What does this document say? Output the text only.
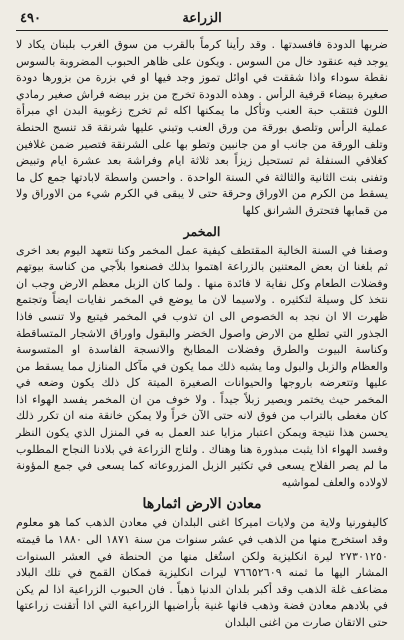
الزراعة
٤٩٠

ضربها الدودة فافسدتها . وقد رأينا كرماً بالقرب من سوق الغرب بلبنان يكاد لا يوجد فيه عنقود خال من السوس . ويكون على ظاهر الحبوب المضروبة بالسوس نقطة سوداء واذا شققت في اوائل تموز وجد فيها او في بزرة من بزورها دودة صغيرة بيضاء قرفية الرأس . وهذه الدودة تخرج من بزر بيضه فراش صغير رمادي اللون فتتقب حبة العنب وتأكل ما يمكنها اكله ثم تخرج زغوبية البدن اي مبرأة عملية الرأس وتلصق بورقة من ورق العنب وتبني عليها شرنقة قد تنسج الحنطة وتلف الورقة من جانب او من جانبين وتطو بها على الشرنقة فتصير ضمن غلافين كغلافي السنفلة ثم تستحيل زيزاً بعد ثلاثة ايام وفراشة بعد عشرة ايام وتبيض وتفنى بنت الثانية والثالثة في السنة الواحدة . واحسن واسطة لابادتها جمع كل ما يسقط من الكرم من الاوراق وحرقة حتى لا يبقى في الكرم شيء من الاوراق ولا من قمابها فتحترق الشرانق كلها

المخمر

وصفنا في السنة الخالية المقتطف كيفية عمل المخمر وكنا نتعهد اليوم بعد اخرى ثم بلغنا ان بعض المعتنين بالزراعة اهتموا بذلك فصنعوا بلاًجي من كناسة بيوتهم وفضلات الطعام وكل نفاية لا فائدة منها . ولما كان الزبل معظم الارض وجب ان نتخذ كل وسيلة لتكثيره . ولاسيما لان ما يوضع في المخمر نفايات ايضاً وتجتمع ظهرت الا ان نجد به الخصوص الى ان تذوب في المخمر فيتبع ولا تنسى فاذا الجذور التي تطلع من الارض واصول الخضر والبقول واوراق الاشجار المتساقطة وكناسة البيوت والطرق وفضلات المطابخ والانسجة الفاسدة او المتسوسة والعظام والزبل والبول وما يشبه ذلك مما يكون في مآكل المنازل مما يسقط من عليها وتتعرضه باروجها والحيوانات الصغيرة الميتة كل ذلك يكون وضعه في المخمر حيث يختمر ويصير زبلاً جيداً . ولا خوف من ان المخمر يفسد الهواء اذا كان مغطى بالتراب من فوق لانه حتى الآن خراً ولا يمكن خانقة منه ان تكرر ذلك يحسن هذا نتيجة ويمكن اعتبار مزايا عند العمل به في المنزل الذي يكون النظر وفسد الهواء اذا يثبت مبذورة هنا وهناك . ولتاج الزراعة في بلادنا النجاح المطلوب ما لم يصر الفلاح يسعى في تكثير الزبل المزروعاته كما يسعى في جمع المؤونة لاولاده والعلف لمواشيه

معادن الارض اثمارها

كاليفورنيا ولاية من ولايات اميركا اغنى البلدان في معادن الذهب كما هو معلوم وقد استخرج منها من الذهب في عشر سنوات من سنة ١٨٧١ الى ١٨٨٠ ما قيمته ٢٧٣٠١٢٥٠ ليرة انكليزية ولكن استُغل منها من الحنطة في العشر السنوات المشار اليها ما ثمنه ٧٦٦٥٢٦٠٩ ليرات انكليزية فمكان القمح في تلك البلاد مضاعف غلة الذهب وقد أكبر بلدان الدنيا ذهباً . فان الحبوب الزراعية اذا لم يكن في بلادهم معادن فضة وذهب فانها غنية بأراضيها الزراعية التي اذا أتقنت زراعتها حتى الاتقان صارت من اغنى البلدان
